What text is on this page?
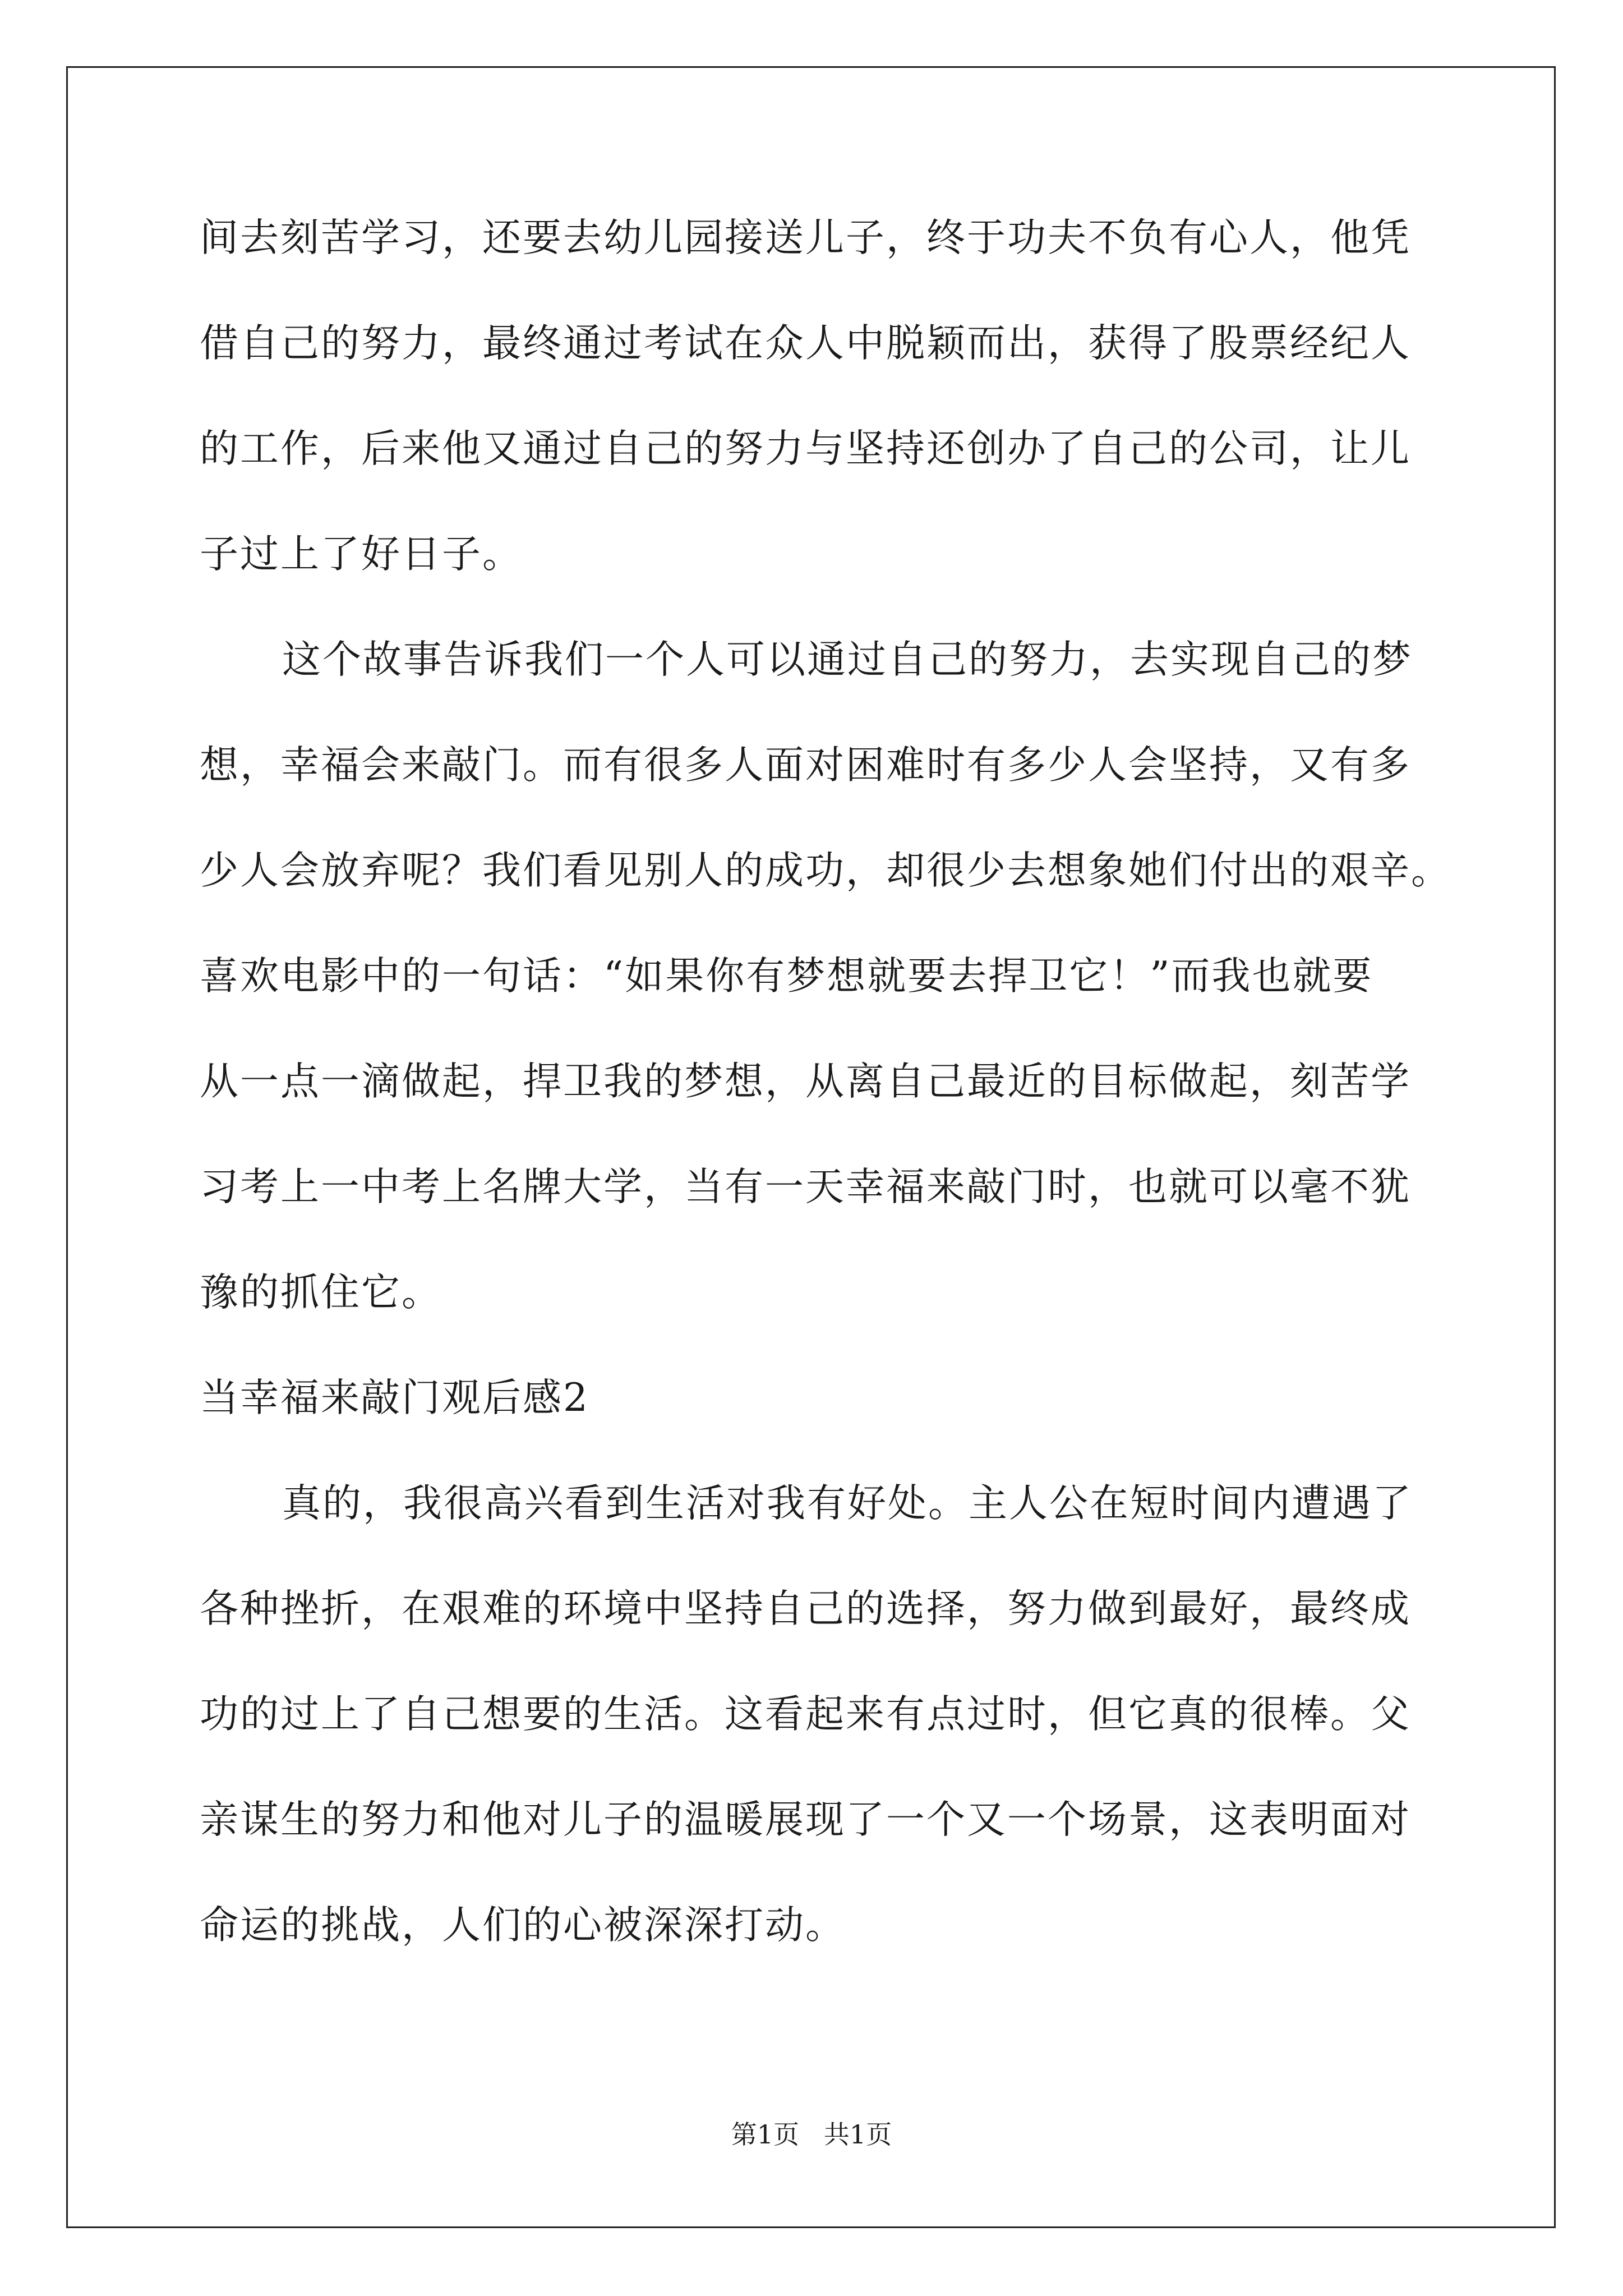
间去刻苦学习，还要去幼儿园接送儿子，终于功夫不负有心人，他凭
借自己的努力，最终通过考试在众人中脱颖而出，获得了股票经纪人
的工作，后来他又通过自己的努力与坚持还创办了自己的公司，让儿
子过上了好日子。
这个故事告诉我们一个人可以通过自己的努力，去实现自己的梦
想，幸福会来敲门。而有很多人面对困难时有多少人会坚持，又有多
少人会放弃呢？我们看见别人的成功，却很少去想象她们付出的艰辛。
喜欢电影中的一句话：“如果你有梦想就要去捍卫它！”而我也就要
从一点一滴做起，捍卫我的梦想，从离自己最近的目标做起，刻苦学
习考上一中考上名牌大学，当有一天幸福来敲门时，也就可以毫不犹
豫的抓住它。
当幸福来敲门观后感2
真的，我很高兴看到生活对我有好处。主人公在短时间内遭遇了
各种挫折，在艰难的环境中坚持自己的选择，努力做到最好，最终成
功的过上了自己想要的生活。这看起来有点过时，但它真的很棒。父
亲谋生的努力和他对儿子的温暖展现了一个又一个场景，这表明面对
命运的挑战，人们的心被深深打动。
第1页   共1页
